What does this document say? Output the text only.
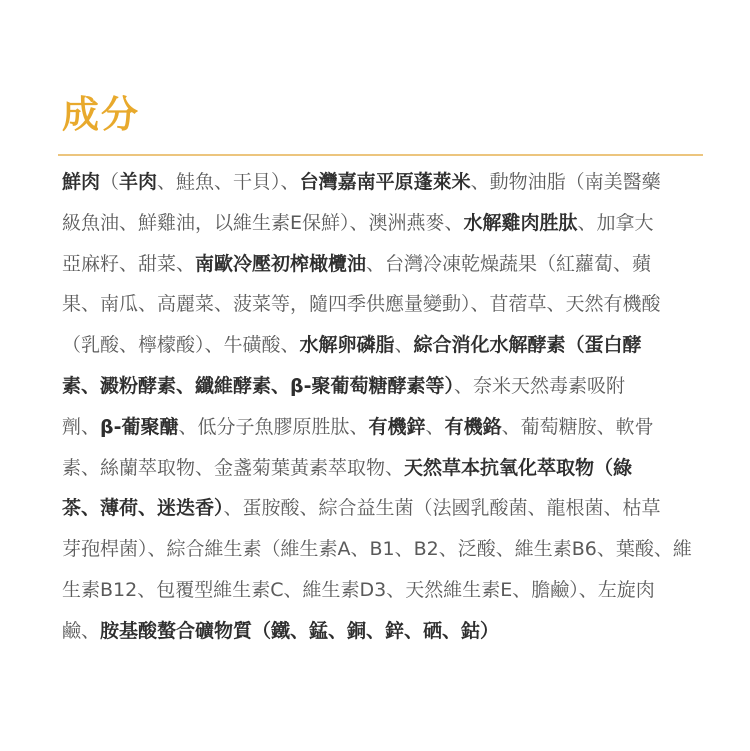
成分

鮮肉（羊肉、鮭魚、干貝）、台灣嘉南平原蓬萊米、動物油脂（南美醫藥
級魚油、鮮雞油，以維生素E保鮮）、澳洲燕麥、水解雞肉胜肽、加拿大
亞麻籽、甜菜、南歐冷壓初榨橄欖油、台灣冷凍乾燥蔬果（紅蘿蔔、蘋
果、南瓜、高麗菜、菠菜等，隨四季供應量變動）、苜蓿草、天然有機酸
（乳酸、檸檬酸）、牛磺酸、水解卵磷脂、綜合消化水解酵素（蛋白酵
素、澱粉酵素、纖維酵素、β-聚葡萄糖酵素等）、奈米天然毒素吸附
劑、β-葡聚醣、低分子魚膠原胜肽、有機鋅、有機鉻、葡萄糖胺、軟骨
素、絲蘭萃取物、金盞菊葉黃素萃取物、天然草本抗氧化萃取物（綠
茶、薄荷、迷迭香）、蛋胺酸、綜合益生菌（法國乳酸菌、龍根菌、枯草
芽孢桿菌）、綜合維生素（維生素A、B1、B2、泛酸、維生素B6、葉酸、維
生素B12、包覆型維生素C、維生素D3、天然維生素E、膽鹼）、左旋肉
鹼、胺基酸螯合礦物質（鐵、錳、銅、鋅、硒、鈷）
